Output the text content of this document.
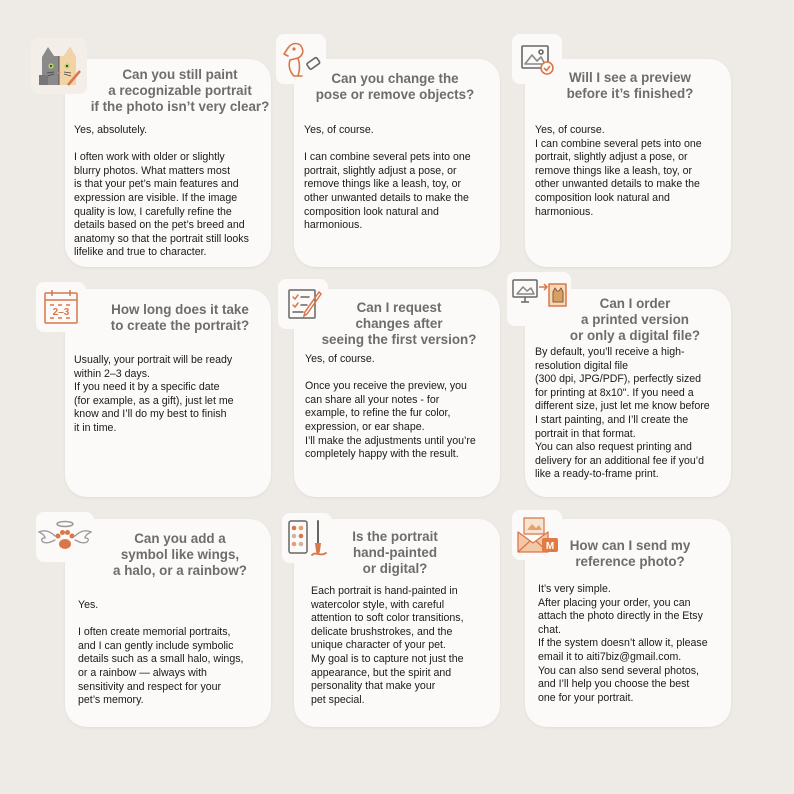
Can you still paint
a recognizable portrait
if the photo isn’t very clear?
Yes, absolutely.

I often work with older or slightly
blurry photos. What matters most
is that your pet’s main features and
expression are visible. If the image
quality is low, I carefully refine the
details based on the pet’s breed and
anatomy so that the portrait still looks
lifelike and true to character.
Can you change the
pose or remove objects?
Yes, of course.

I can combine several pets into one
portrait, slightly adjust a pose, or
remove things like a leash, toy, or
other unwanted details to make the
composition look natural and
harmonious.
Will I see a preview
before it’s finished?
Yes, of course.
I can combine several pets into one
portrait, slightly adjust a pose, or
remove things like a leash, toy, or
other unwanted details to make the
composition look natural and
harmonious.
2–3	How long does it take
to create the portrait?
Usually, your portrait will be ready
within 2–3 days.
If you need it by a specific date
(for example, as a gift), just let me
know and I’ll do my best to finish
it in time.
Can I request
changes after
seeing the first version?
Yes, of course.

Once you receive the preview, you
can share all your notes - for
example, to refine the fur color,
expression, or ear shape.
I’ll make the adjustments until you’re
completely happy with the result.
Can I order
a printed version
or only a digital file?
By default, you’ll receive a high-
resolution digital file
(300 dpi, JPG/PDF), perfectly sized
for printing at 8x10". If you need a
different size, just let me know before
I start painting, and I’ll create the
portrait in that format.
You can also request printing and
delivery for an additional fee if you’d
like a ready-to-frame print.
Can you add a
symbol like wings,
a halo, or a rainbow?
Yes.

I often create memorial portraits,
and I can gently include symbolic
details such as a small halo, wings,
or a rainbow — always with
sensitivity and respect for your
pet’s memory.
Is the portrait
hand-painted
or digital?
Each portrait is hand-painted in
watercolor style, with careful
attention to soft color transitions,
delicate brushstrokes, and the
unique character of your pet.
My goal is to capture not just the
appearance, but the spirit and
personality that make your
pet special.
M	How can I send my
reference photo?
It’s very simple.
After placing your order, you can
attach the photo directly in the Etsy
chat.
If the system doesn’t allow it, please
email it to aiti7biz@gmail.com.
You can also send several photos,
and I’ll help you choose the best
one for your portrait.
